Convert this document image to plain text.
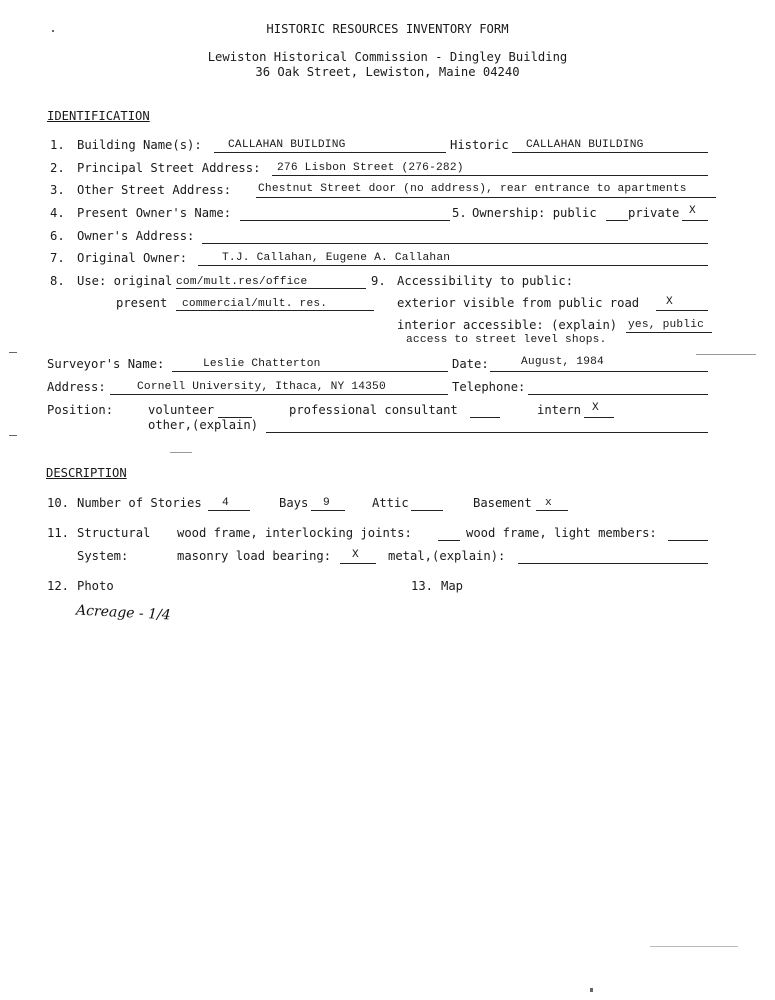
HISTORIC RESOURCES INVENTORY FORM
Lewiston Historical Commission - Dingley Building
36 Oak Street, Lewiston, Maine 04240
IDENTIFICATION
1. Building Name(s): CALLAHAN BUILDING	Historic CALLAHAN BUILDING
2. Principal Street Address: 276 Lisbon Street (276-282)
3. Other Street Address: Chestnut Street door (no address), rear entrance to apartments
4. Present Owner's Name:	5. Ownership: public	private X
6. Owner's Address:
7. Original Owner:	T.J. Callahan, Eugene A. Callahan
8. Use: original com/mult.res/office	9. Accessibility to public:
present commercial/mult. res.	exterior visible from public road X
interior accessible: (explain) yes, public
access to street level shops.
Surveyor's Name:	Leslie Chatterton	Date:	August, 1984
Address:	Cornell University, Ithaca, NY 14350	Telephone:
Position:	volunteer	professional consultant	intern X
other,(explain)
DESCRIPTION
10. Number of Stories 4	Bays 9	Attic	Basement x
11. Structural
System:
wood frame, interlocking joints:	wood frame, light members:
masonry load bearing: X metal,(explain):
12. Photo	13. Map
Acreage - 1/4
